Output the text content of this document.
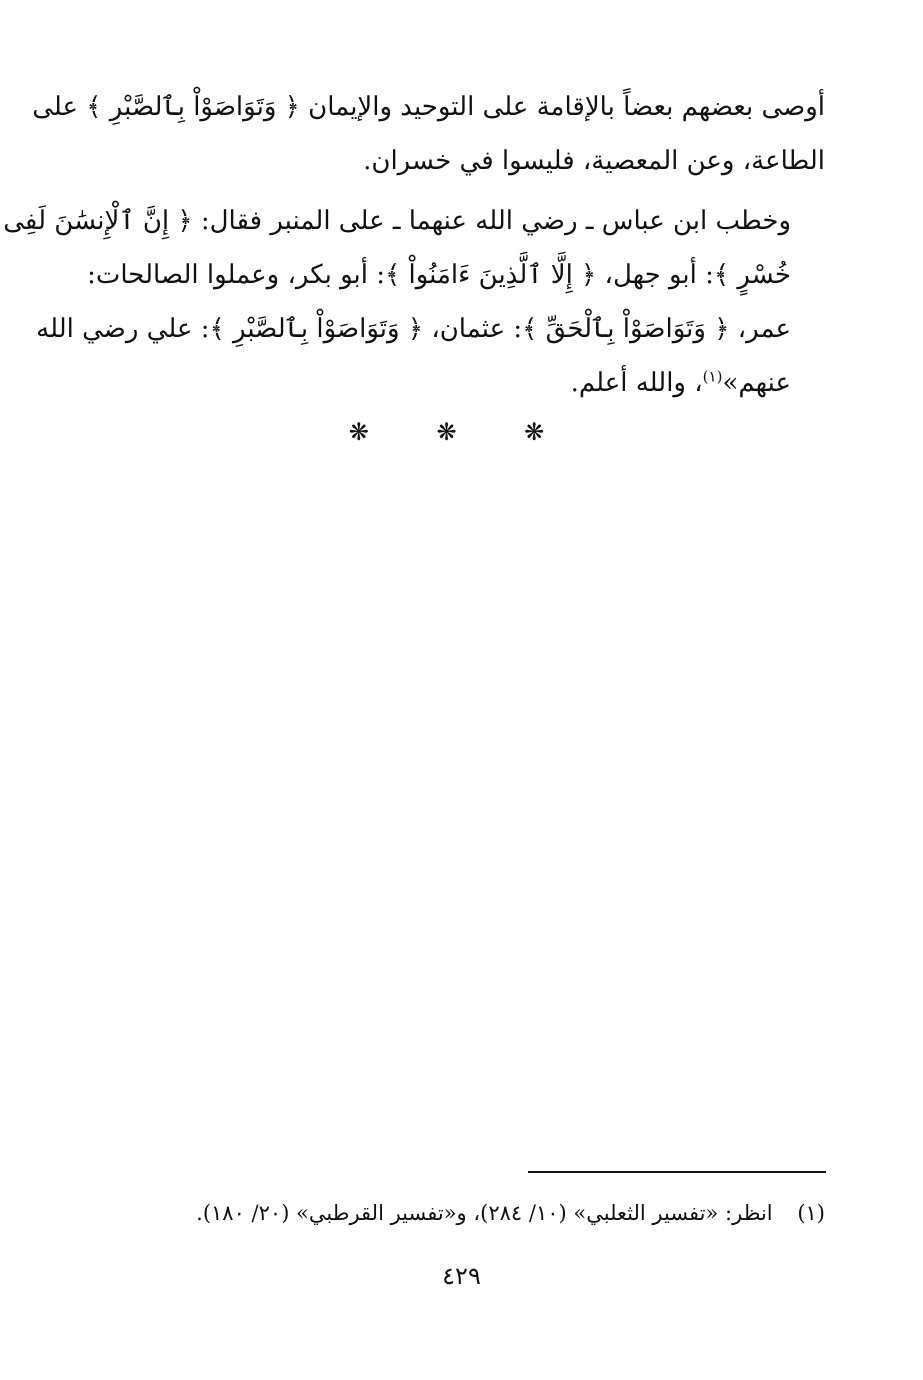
أوصى بعضهم بعضاً بالإقامة على التوحيد والإيمان ﴿ وَتَوَاصَوْاْ بِٱلصَّبْرِ ﴾ على
الطاعة، وعن المعصية، فليسوا في خسران.

وخطب ابن عباس ـ رضي الله عنهما ـ على المنبر فقال: ﴿ إِنَّ ٱلْإِنسَٰنَ لَفِى
خُسْرٍ ﴾: أبو جهل، ﴿ إِلَّا ٱلَّذِينَ ءَامَنُواْ ﴾: أبو بكر، وعملوا الصالحات:
عمر، ﴿ وَتَوَاصَوْاْ بِٱلْحَقِّ ﴾: عثمان، ﴿ وَتَوَاصَوْاْ بِٱلصَّبْرِ ﴾: علي رضي الله
عنهم»$^{(١)}$، والله أعلم.

❋ ❋ ❋
(١) انظر: «تفسير الثعلبي» (١٠/ ٢٨٤)، و«تفسير القرطبي» (٢٠/ ١٨٠).
٤٢٩
